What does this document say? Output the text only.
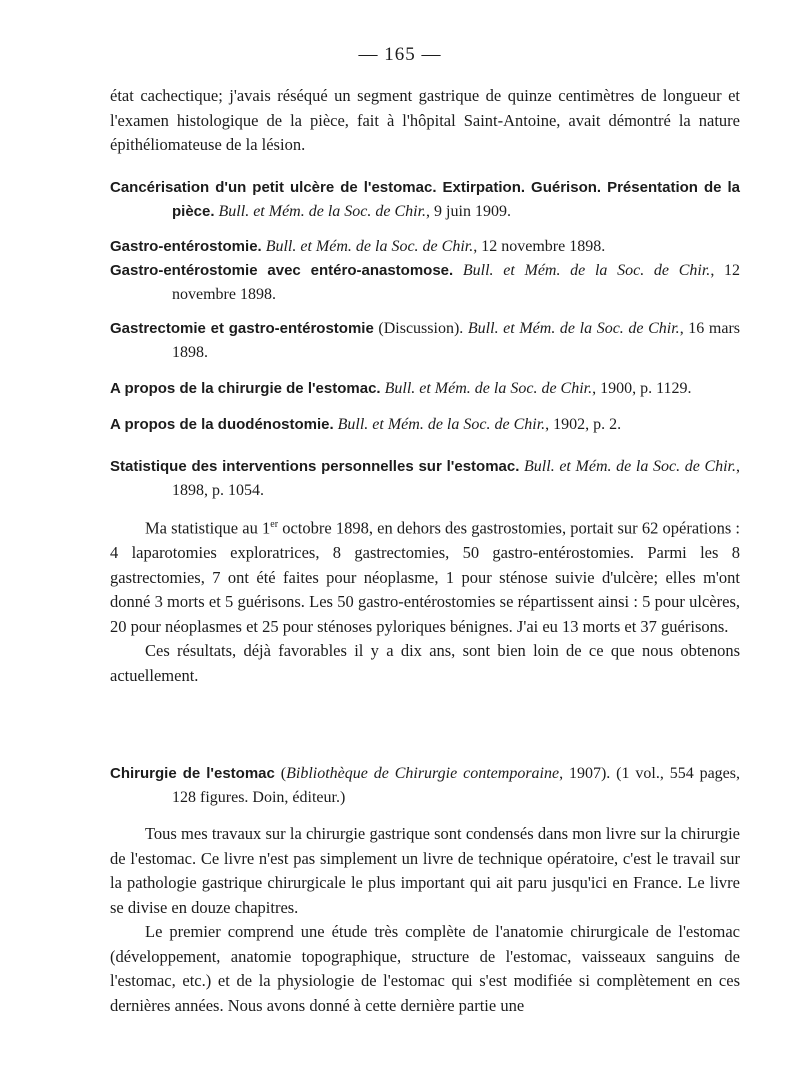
— 165 —

état cachectique; j'avais réséqué un segment gastrique de quinze centimètres de longueur et l'examen histologique de la pièce, fait à l'hôpital Saint-Antoine, avait démontré la nature épithéliomateuse de la lésion.

Cancérisation d'un petit ulcère de l'estomac. Extirpation. Guérison. Présentation de la pièce. Bull. et Mém. de la Soc. de Chir., 9 juin 1909.
Gastro-entérostomie. Bull. et Mém. de la Soc. de Chir., 12 novembre 1898.
Gastro-entérostomie avec entéro-anastomose. Bull. et Mém. de la Soc. de Chir., 12 novembre 1898.
Gastrectomie et gastro-entérostomie (Discussion). Bull. et Mém. de la Soc. de Chir., 16 mars 1898.
A propos de la chirurgie de l'estomac. Bull. et Mém. de la Soc. de Chir., 1900, p. 1129.
A propos de la duodénostomie. Bull. et Mém. de la Soc. de Chir., 1902, p. 2.
Statistique des interventions personnelles sur l'estomac. Bull. et Mém. de la Soc. de Chir., 1898, p. 1054.

Ma statistique au 1er octobre 1898, en dehors des gastrostomies, portait sur 62 opérations : 4 laparotomies exploratrices, 8 gastrectomies, 50 gastro-entérostomies. Parmi les 8 gastrectomies, 7 ont été faites pour néoplasme, 1 pour sténose suivie d'ulcère; elles m'ont donné 3 morts et 5 guérisons. Les 50 gastro-entérostomies se répartissent ainsi : 5 pour ulcères, 20 pour néoplasmes et 25 pour sténoses pyloriques bénignes. J'ai eu 13 morts et 37 guérisons.

Ces résultats, déjà favorables il y a dix ans, sont bien loin de ce que nous obtenons actuellement.

Chirurgie de l'estomac (Bibliothèque de Chirurgie contemporaine, 1907). (1 vol., 554 pages, 128 figures. Doin, éditeur.)

Tous mes travaux sur la chirurgie gastrique sont condensés dans mon livre sur la chirurgie de l'estomac. Ce livre n'est pas simplement un livre de technique opératoire, c'est le travail sur la pathologie gastrique chirurgicale le plus important qui ait paru jusqu'ici en France. Le livre se divise en douze chapitres.

Le premier comprend une étude très complète de l'anatomie chirurgicale de l'estomac (développement, anatomie topographique, structure de l'estomac, vaisseaux sanguins de l'estomac, etc.) et de la physiologie de l'estomac qui s'est modifiée si complètement en ces dernières années. Nous avons donné à cette dernière partie une
